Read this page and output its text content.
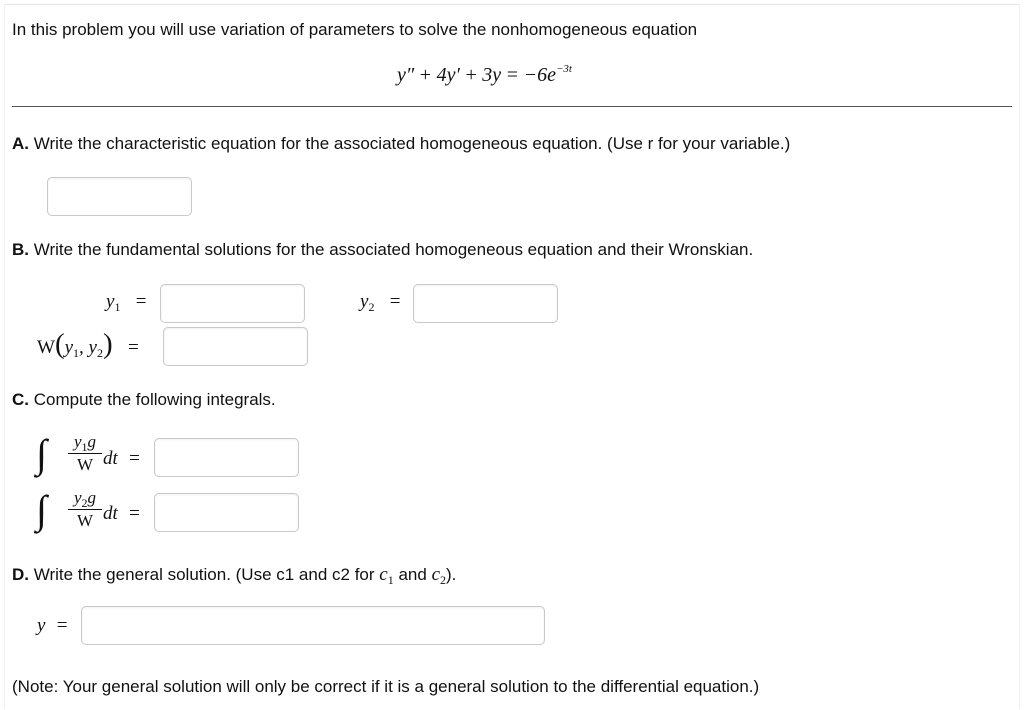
In this problem you will use variation of parameters to solve the nonhomogeneous equation
$y'' + 4y' + 3y = -6e^{-3t}$
A. Write the characteristic equation for the associated homogeneous equation. (Use r for your variable.)
B. Write the fundamental solutions for the associated homogeneous equation and their Wronskian.
$y_1$ =	$y_2$ =
$W(y_1$, $y_2$) =
C. Compute the following integrals.
∫	$y_1g$
W dt =
∫	$y_2g$
W dt =
D. Write the general solution. (Use c1 and c2 for $c_1$ and $c_2$).
y =
(Note: Your general solution will only be correct if it is a general solution to the differential equation.)
